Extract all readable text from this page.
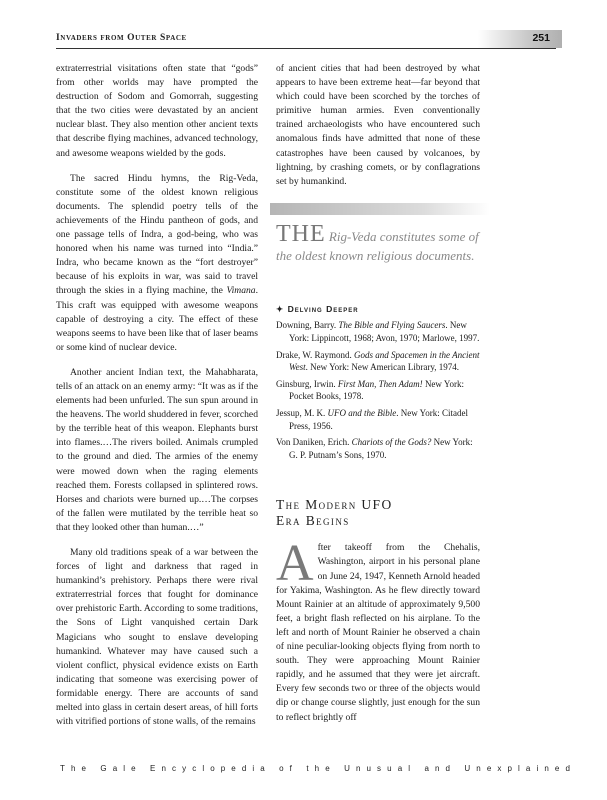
Invaders from Outer Space	251

extraterrestrial visitations often state that “gods” from other worlds may have prompted the destruction of Sodom and Gomorrah, suggesting that the two cities were devastated by an ancient nuclear blast. They also mention other ancient texts that describe flying machines, advanced technology, and awesome weapons wielded by the gods.

The sacred Hindu hymns, the Rig-Veda, constitute some of the oldest known religious documents. The splendid poetry tells of the achievements of the Hindu pantheon of gods, and one passage tells of Indra, a god-being, who was honored when his name was turned into “India.” Indra, who became known as the “fort destroyer” because of his exploits in war, was said to travel through the skies in a flying machine, the Vimana. This craft was equipped with awesome weapons capable of destroying a city. The effect of these weapons seems to have been like that of laser beams or some kind of nuclear device.

Another ancient Indian text, the Mahabharata, tells of an attack on an enemy army: “It was as if the elements had been unfurled. The sun spun around in the heavens. The world shuddered in fever, scorched by the terrible heat of this weapon. Elephants burst into flames.…The rivers boiled. Animals crumpled to the ground and died. The armies of the enemy were mowed down when the raging elements reached them. Forests collapsed in splintered rows. Horses and chariots were burned up.…The corpses of the fallen were mutilated by the terrible heat so that they looked other than human.…”

Many old traditions speak of a war between the forces of light and darkness that raged in humankind’s prehistory. Perhaps there were rival extraterrestrial forces that fought for dominance over prehistoric Earth. According to some traditions, the Sons of Light vanquished certain Dark Magicians who sought to enslave developing humankind. Whatever may have caused such a violent conflict, physical evidence exists on Earth indicating that someone was exercising power of formidable energy. There are accounts of sand melted into glass in certain desert areas, of hill forts with vitrified portions of stone walls, of the remains

of ancient cities that had been destroyed by what appears to have been extreme heat—far beyond that which could have been scorched by the torches of primitive human armies. Even conventionally trained archaeologists who have encountered such anomalous finds have admitted that none of these catastrophes have been caused by volcanoes, by lightning, by crashing comets, or by conflagrations set by humankind.

THE Rig-Veda constitutes some of the oldest known religious documents.
✦ Delving Deeper

Downing, Barry. The Bible and Flying Saucers. New York: Lippincott, 1968; Avon, 1970; Marlowe, 1997.

Drake, W. Raymond. Gods and Spacemen in the Ancient West. New York: New American Library, 1974.

Ginsburg, Irwin. First Man, Then Adam! New York: Pocket Books, 1978.

Jessup, M. K. UFO and the Bible. New York: Citadel Press, 1956.

Von Daniken, Erich. Chariots of the Gods? New York: G. P. Putnam’s Sons, 1970.

The Modern UFO
Era Begins

After takeoff from the Chehalis, Washington, airport in his personal plane on June 24, 1947, Kenneth Arnold headed for Yakima, Washington. As he flew directly toward Mount Rainier at an altitude of approximately 9,500 feet, a bright flash reflected on his airplane. To the left and north of Mount Rainier he observed a chain of nine peculiar-looking objects flying from north to south. They were approaching Mount Rainier rapidly, and he assumed that they were jet aircraft. Every few seconds two or three of the objects would dip or change course slightly, just enough for the sun to reflect brightly off

The Gale Encyclopedia of the Unusual and Unexplained
